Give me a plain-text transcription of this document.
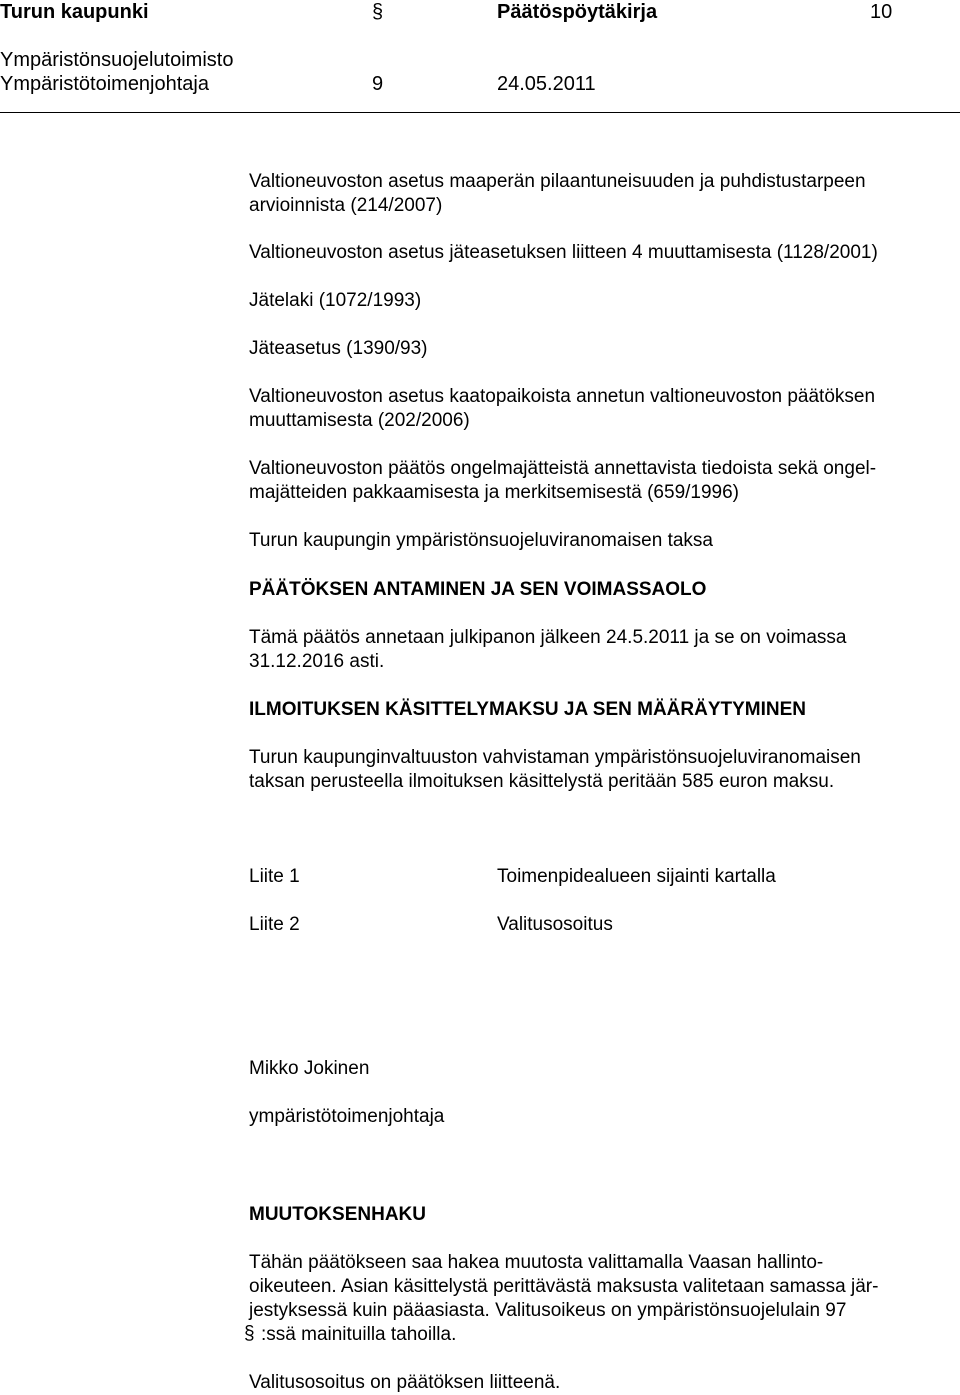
Turun kaupunki	§	Päätöspöytäkirja	10
Ympäristönsuojelutoimisto
Ympäristötoimenjohtaja	9	24.05.2011

Valtioneuvoston asetus maaperän pilaantuneisuuden ja puhdistustarpeen

arvioinnista (214/2007)

Valtioneuvoston asetus jäteasetuksen liitteen 4 muuttamisesta (1128/2001)

Jätelaki (1072/1993)

Jäteasetus (1390/93)

Valtioneuvoston asetus kaatopaikoista annetun valtioneuvoston päätöksen

muuttamisesta (202/2006)

Valtioneuvoston päätös ongelmajätteistä annettavista tiedoista sekä ongel-

majätteiden pakkaamisesta ja merkitsemisestä (659/1996)

Turun kaupungin ympäristönsuojeluviranomaisen taksa

PÄÄTÖKSEN ANTAMINEN JA SEN VOIMASSAOLO

Tämä päätös annetaan julkipanon jälkeen 24.5.2011 ja se on voimassa

31.12.2016 asti.

ILMOITUKSEN KÄSITTELYMAKSU JA SEN MÄÄRÄYTYMINEN

Turun kaupunginvaltuuston vahvistaman ympäristönsuojeluviranomaisen

taksan perusteella ilmoituksen käsittelystä peritään 585 euron maksu.

Liite 1	Toimenpidealueen sijainti kartalla
Liite 2	Valitusosoitus
Mikko Jokinen
ympäristötoimenjohtaja
MUUTOKSENHAKU

Tähän päätökseen saa hakea muutosta valittamalla Vaasan hallinto-

oikeuteen. Asian käsittelystä perittävästä maksusta valitetaan samassa jär-

jestyksessä kuin pääasiasta. Valitusoikeus on ympäristönsuojelulain 97

:ssä mainituilla tahoilla.

§
Valitusosoitus on päätöksen liitteenä.
